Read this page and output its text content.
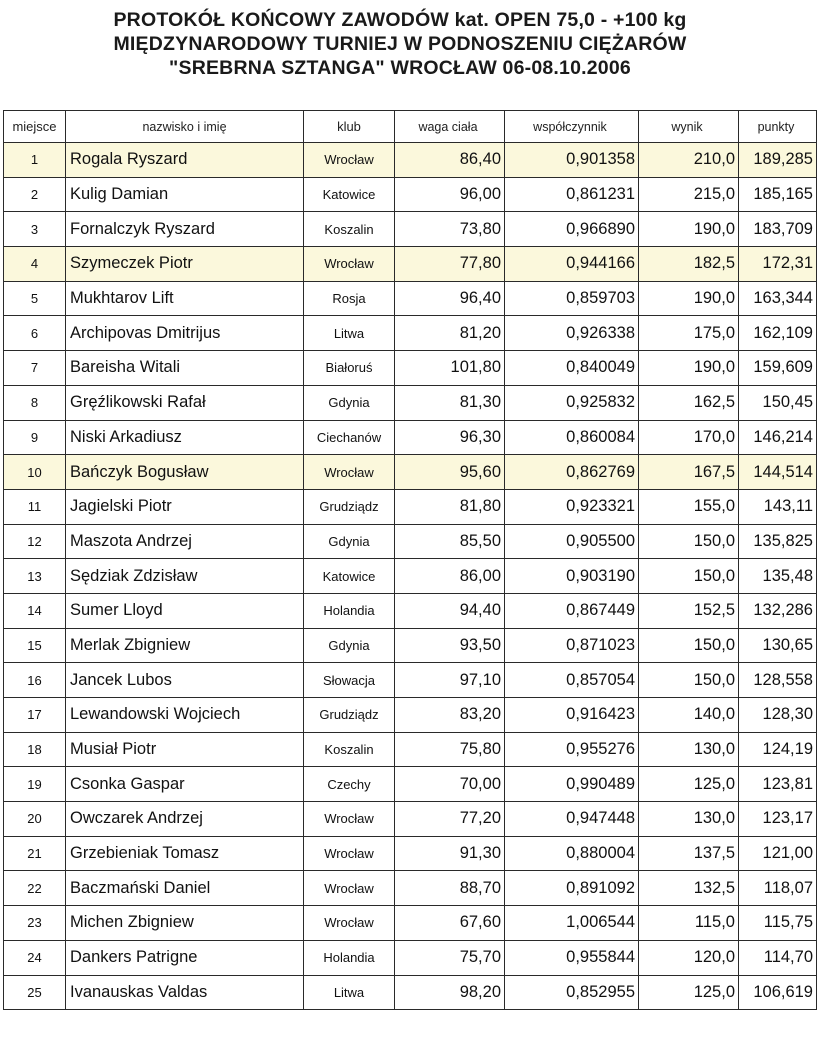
PROTOKÓŁ KOŃCOWY ZAWODÓW kat. OPEN 75,0 - +100 kg
MIĘDZYNARODOWY TURNIEJ W PODNOSZENIU CIĘŻARÓW
"SREBRNA SZTANGA" WROCŁAW 06-08.10.2006
miejsce	nazwisko i imię	klub	waga ciała	współczynnik	wynik	punkty
1	Rogala Ryszard	Wrocław	86,40	0,901358	210,0	189,285
2	Kulig Damian	Katowice	96,00	0,861231	215,0	185,165
3	Fornalczyk Ryszard	Koszalin	73,80	0,966890	190,0	183,709
4	Szymeczek Piotr	Wrocław	77,80	0,944166	182,5	172,31
5	Mukhtarov Lift	Rosja	96,40	0,859703	190,0	163,344
6	Archipovas Dmitrijus	Litwa	81,20	0,926338	175,0	162,109
7	Bareisha Witali	Białoruś	101,80	0,840049	190,0	159,609
8	Gręźlikowski Rafał	Gdynia	81,30	0,925832	162,5	150,45
9	Niski Arkadiusz	Ciechanów	96,30	0,860084	170,0	146,214
10	Bańczyk Bogusław	Wrocław	95,60	0,862769	167,5	144,514
11	Jagielski Piotr	Grudziądz	81,80	0,923321	155,0	143,11
12	Maszota Andrzej	Gdynia	85,50	0,905500	150,0	135,825
13	Sędziak Zdzisław	Katowice	86,00	0,903190	150,0	135,48
14	Sumer Lloyd	Holandia	94,40	0,867449	152,5	132,286
15	Merlak Zbigniew	Gdynia	93,50	0,871023	150,0	130,65
16	Jancek Lubos	Słowacja	97,10	0,857054	150,0	128,558
17	Lewandowski Wojciech	Grudziądz	83,20	0,916423	140,0	128,30
18	Musiał Piotr	Koszalin	75,80	0,955276	130,0	124,19
19	Csonka Gaspar	Czechy	70,00	0,990489	125,0	123,81
20	Owczarek Andrzej	Wrocław	77,20	0,947448	130,0	123,17
21	Grzebieniak Tomasz	Wrocław	91,30	0,880004	137,5	121,00
22	Baczmański Daniel	Wrocław	88,70	0,891092	132,5	118,07
23	Michen Zbigniew	Wrocław	67,60	1,006544	115,0	115,75
24	Dankers Patrigne	Holandia	75,70	0,955844	120,0	114,70
25	Ivanauskas Valdas	Litwa	98,20	0,852955	125,0	106,619
